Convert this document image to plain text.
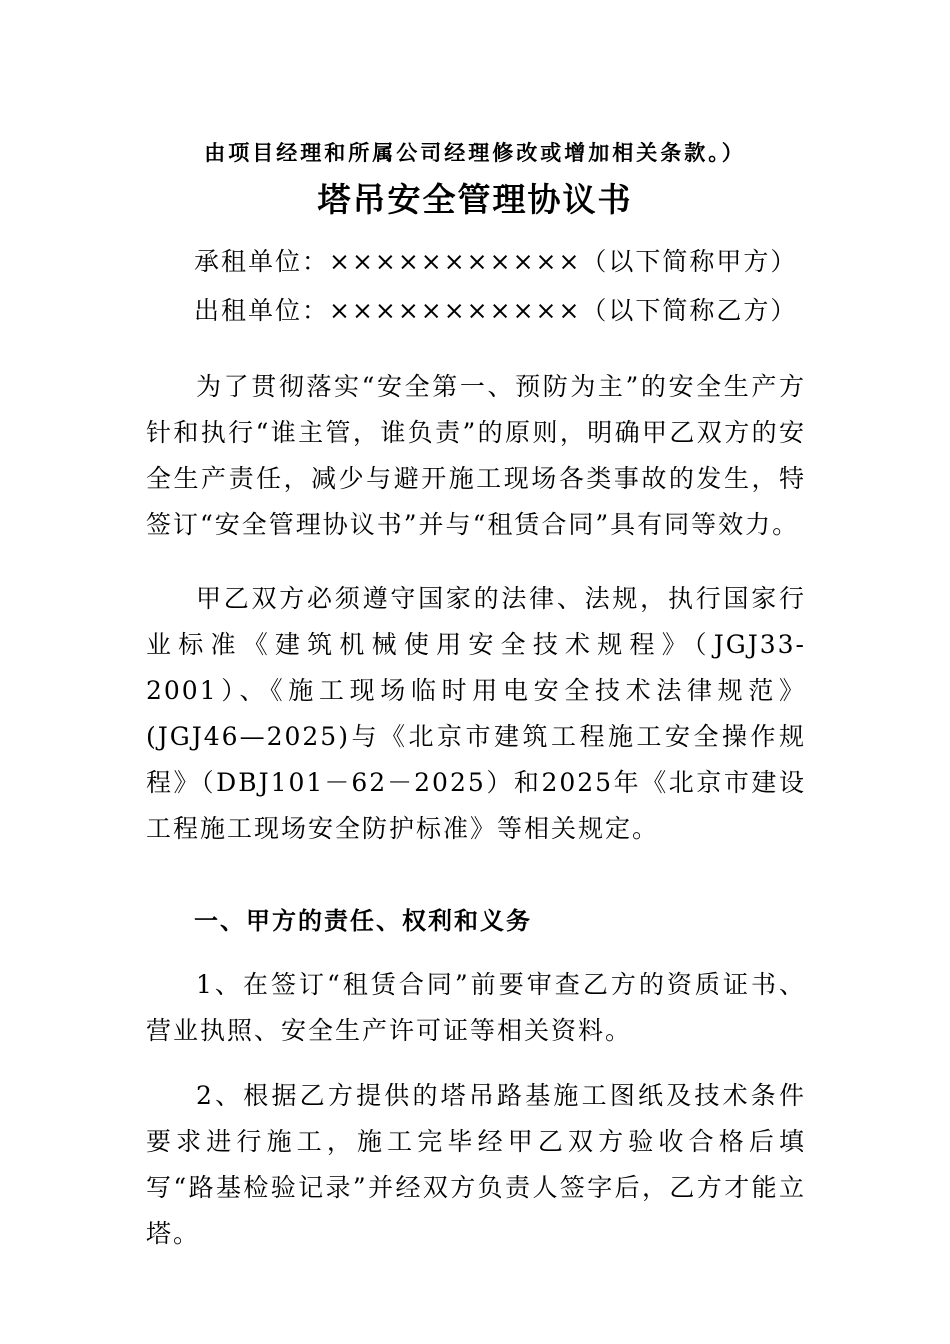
由项目经理和所属公司经理修改或增加相关条款。）
塔吊安全管理协议书
承租单位：×××××××××××（以下简称甲方）
出租单位：×××××××××××（以下简称乙方）

为了贯彻落实“安全第一、预防为主”的安全生产方针和执行“谁主管，谁负责”的原则，明确甲乙双方的安全生产责任，减少与避开施工现场各类事故的发生，特签订“安全管理协议书”并与“租赁合同”具有同等效力。

甲乙双方必须遵守国家的法律、法规，执行国家行业标准《建筑机械使用安全技术规程》（JGJ33-2001）、《施工现场临时用电安全技术法律规范》(JGJ46—2025)与《北京市建筑工程施工安全操作规程》（DBJ101－62－2025）和2025年《北京市建设工程施工现场安全防护标准》等相关规定。

一、甲方的责任、权利和义务

1、在签订“租赁合同”前要审查乙方的资质证书、营业执照、安全生产许可证等相关资料。

2、根据乙方提供的塔吊路基施工图纸及技术条件要求进行施工，施工完毕经甲乙双方验收合格后填写“路基检验记录”并经双方负责人签字后，乙方才能立塔。
